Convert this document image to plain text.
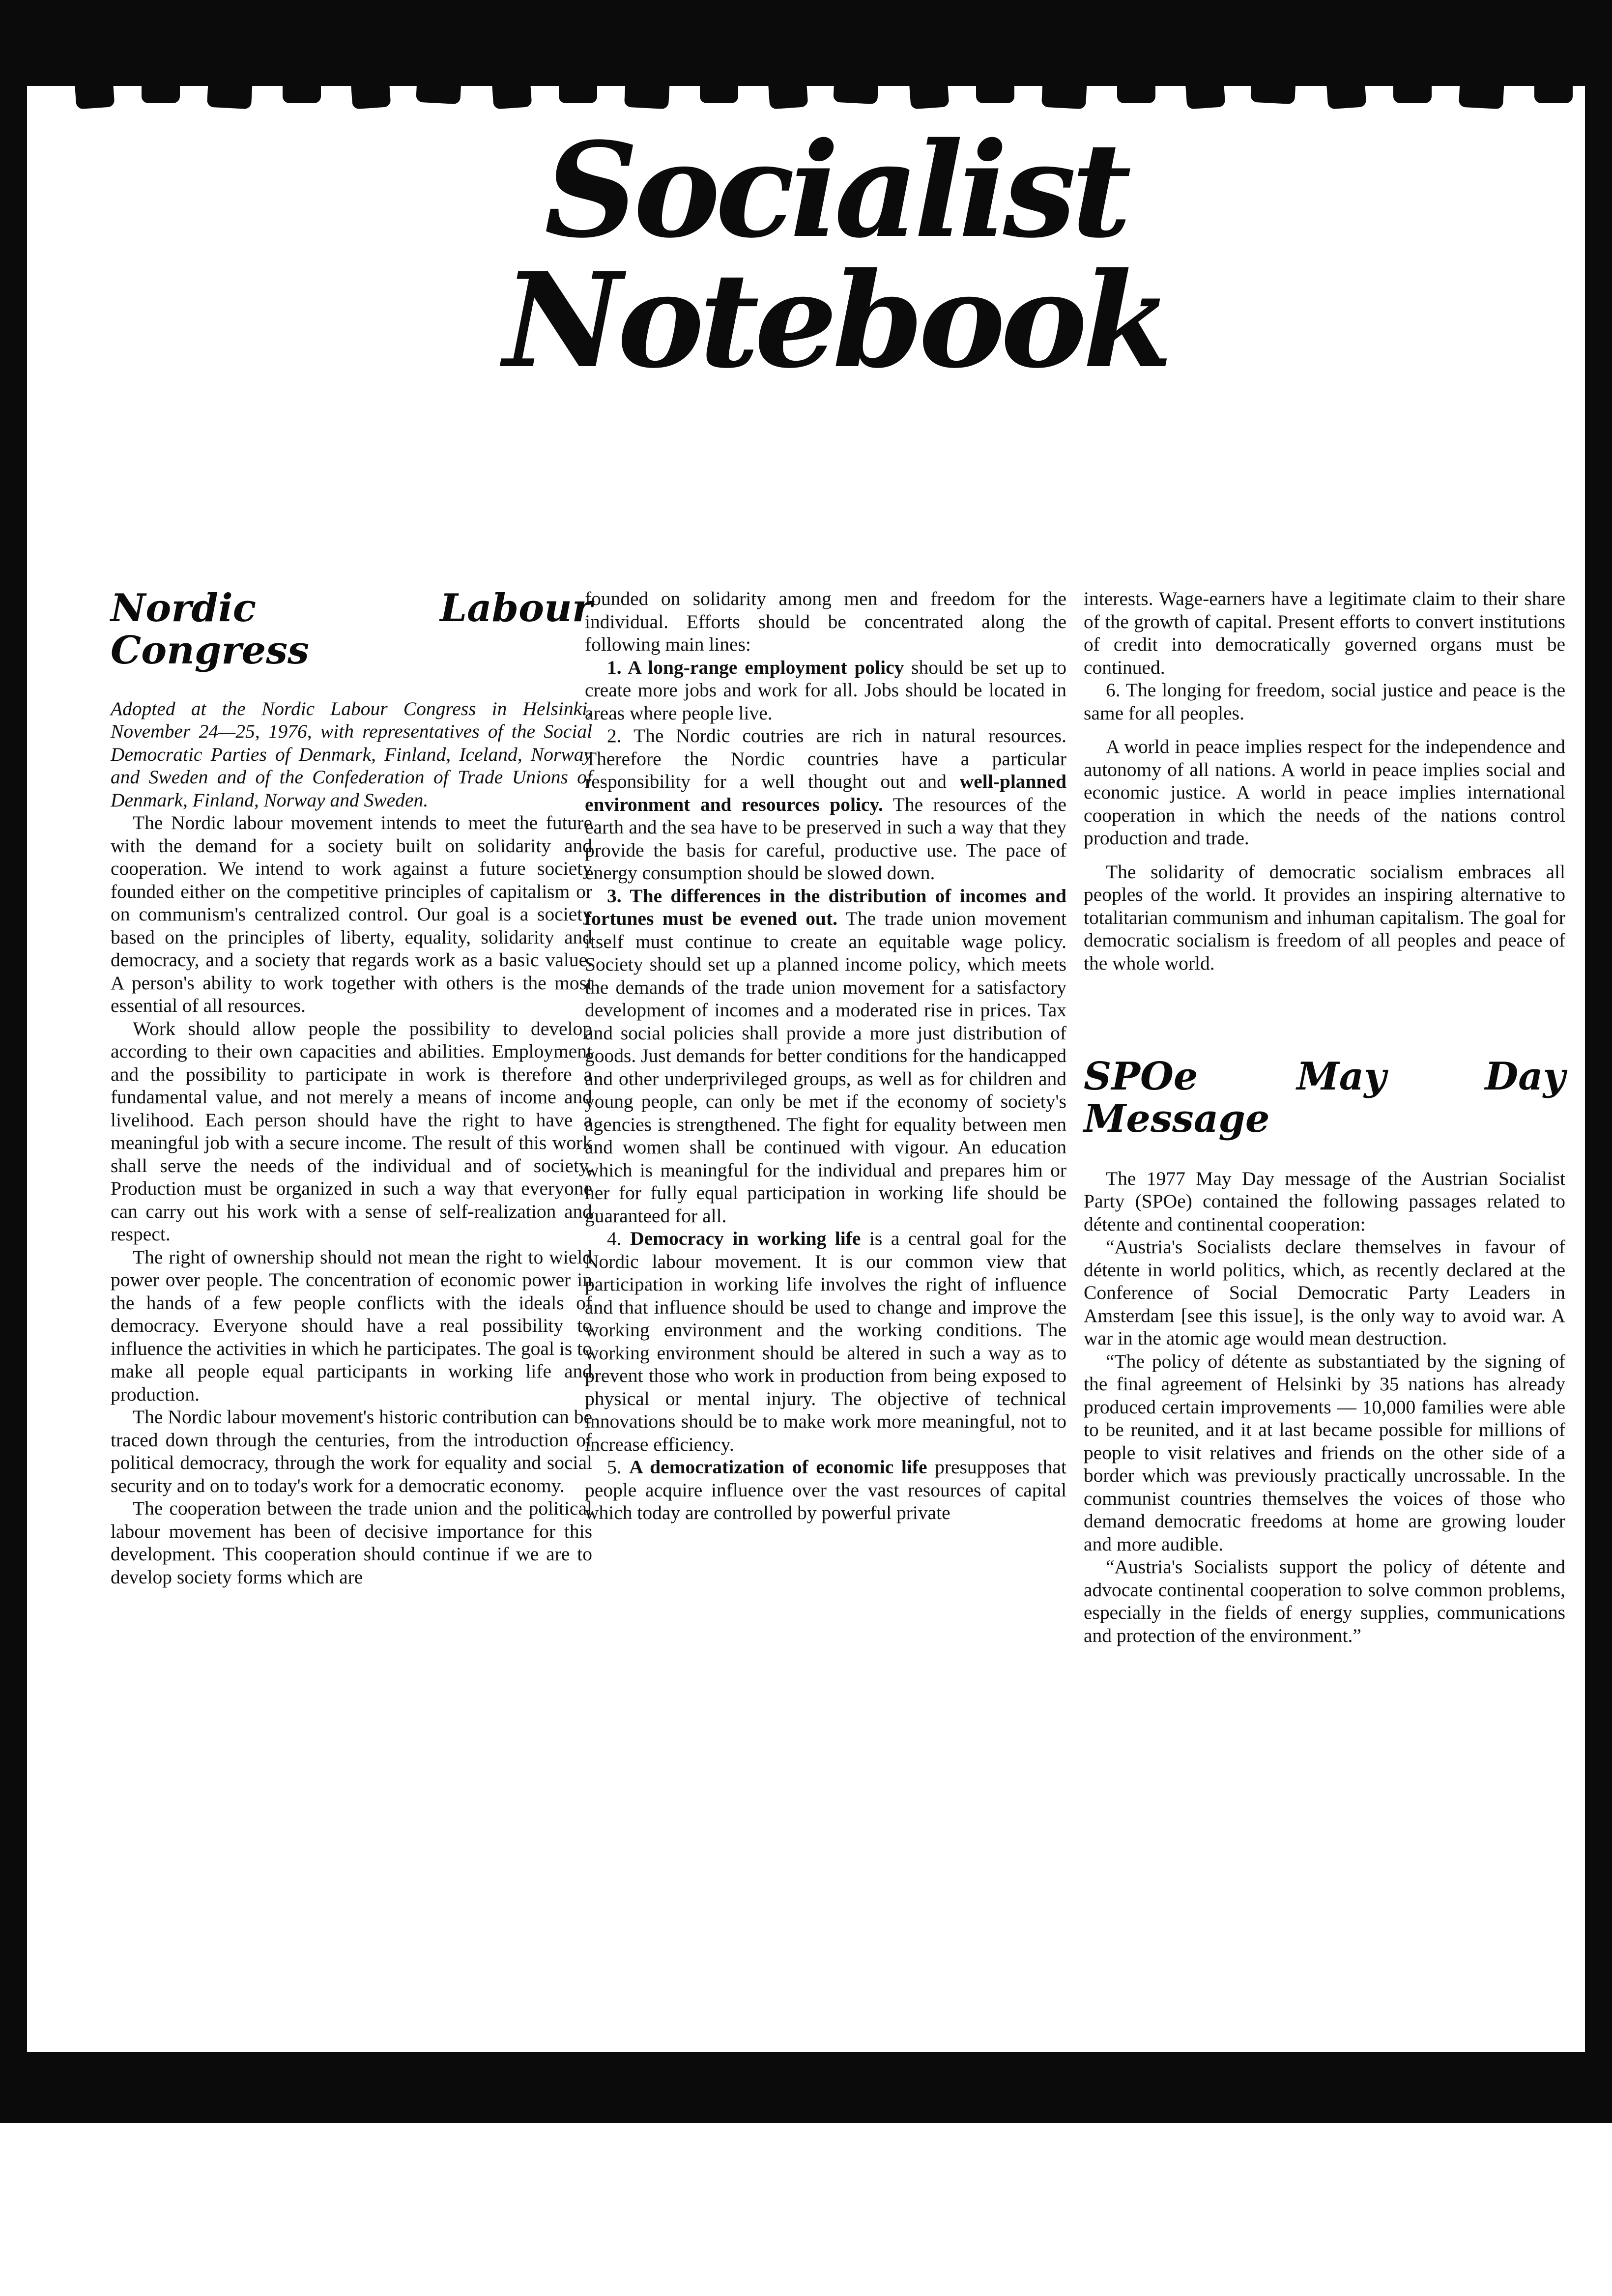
Socialist Notebook
Nordic Labour Congress

Adopted at the Nordic Labour Congress in Helsinki, November 24—25, 1976, with representatives of the Social Democratic Parties of Denmark, Finland, Iceland, Norway and Sweden and of the Confederation of Trade Unions of Denmark, Finland, Norway and Sweden.

The Nordic labour movement intends to meet the future with the demand for a society built on solidarity and cooperation. We intend to work against a future society founded either on the competitive principles of capitalism or on communism's centralized control. Our goal is a society based on the principles of liberty, equality, solidarity and democracy, and a society that regards work as a basic value. A person's ability to work together with others is the most essential of all resources.

Work should allow people the possibility to develop according to their own capacities and abilities. Employment and the possibility to participate in work is therefore a fundamental value, and not merely a means of income and livelihood. Each person should have the right to have a meaningful job with a secure income. The result of this work shall serve the needs of the individual and of society. Production must be organized in such a way that everyone can carry out his work with a sense of self-realization and respect.

The right of ownership should not mean the right to wield power over people. The concentration of economic power in the hands of a few people conflicts with the ideals of democracy. Everyone should have a real possibility to influence the activities in which he participates. The goal is to make all people equal participants in working life and production.

The Nordic labour movement's historic contribution can be traced down through the centuries, from the introduction of political democracy, through the work for equality and social security and on to today's work for a democratic economy.

The cooperation between the trade union and the political labour movement has been of decisive importance for this development. This cooperation should continue if we are to develop society forms which are

founded on solidarity among men and freedom for the individual. Efforts should be concentrated along the following main lines:

1. A long-range employment policy should be set up to create more jobs and work for all. Jobs should be located in areas where people live.

2. The Nordic coutries are rich in natural resources. Therefore the Nordic countries have a particular responsibility for a well thought out and well-planned environment and resources policy. The resources of the earth and the sea have to be preserved in such a way that they provide the basis for careful, productive use. The pace of energy consumption should be slowed down.

3. The differences in the distribution of incomes and fortunes must be evened out. The trade union movement itself must continue to create an equitable wage policy. Society should set up a planned income policy, which meets the demands of the trade union movement for a satisfactory development of incomes and a moderated rise in prices. Tax and social policies shall provide a more just distribution of goods. Just demands for better conditions for the handicapped and other underprivileged groups, as well as for children and young people, can only be met if the economy of society's agencies is strengthened. The fight for equality between men and women shall be continued with vigour. An education which is meaningful for the individual and prepares him or her for fully equal participation in working life should be guaranteed for all.

4. Democracy in working life is a central goal for the Nordic labour movement. It is our common view that participation in working life involves the right of influence and that influence should be used to change and improve the working environment and the working conditions. The working environment should be altered in such a way as to prevent those who work in production from being exposed to physical or mental injury. The objective of technical innovations should be to make work more meaningful, not to increase efficiency.

5. A democratization of economic life presupposes that people acquire influence over the vast resources of capital which today are controlled by powerful private

interests. Wage-earners have a legitimate claim to their share of the growth of capital. Present efforts to convert institutions of credit into democratically governed organs must be continued.

6. The longing for freedom, social justice and peace is the same for all peoples.

A world in peace implies respect for the independence and autonomy of all nations. A world in peace implies social and economic justice. A world in peace implies international cooperation in which the needs of the nations control production and trade.

The solidarity of democratic socialism embraces all peoples of the world. It provides an inspiring alternative to totalitarian communism and inhuman capitalism. The goal for democratic socialism is freedom of all peoples and peace of the whole world.

SPOe May Day Message

The 1977 May Day message of the Austrian Socialist Party (SPOe) contained the following passages related to détente and continental cooperation:

“Austria's Socialists declare themselves in favour of détente in world politics, which, as recently declared at the Conference of Social Democratic Party Leaders in Amsterdam [see this issue], is the only way to avoid war. A war in the atomic age would mean destruction.

“The policy of détente as substantiated by the signing of the final agreement of Helsinki by 35 nations has already produced certain improvements — 10,000 families were able to be reunited, and it at last became possible for millions of people to visit relatives and friends on the other side of a border which was previously practically uncrossable. In the communist countries themselves the voices of those who demand democratic freedoms at home are growing louder and more audible.

“Austria's Socialists support the policy of détente and advocate continental cooperation to solve common problems, especially in the fields of energy supplies, communications and protection of the environment.”
